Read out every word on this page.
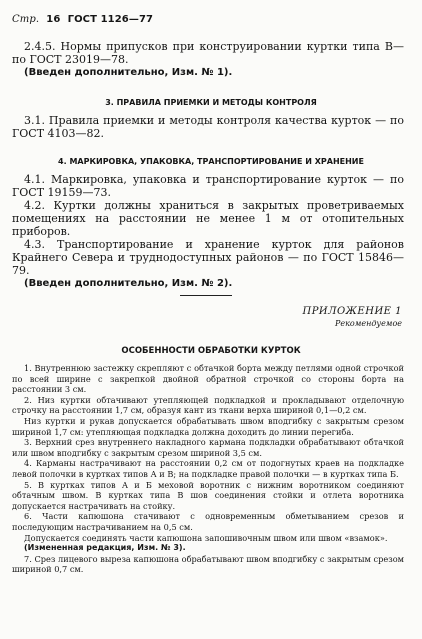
Стр. 16 ГОСТ 1126—77

2.4.5. Нормы припусков при конструировании куртки типа В— по ГОСТ 23019—78.

(Введен дополнительно, Изм. № 1).

3. ПРАВИЛА ПРИЕМКИ И МЕТОДЫ КОНТРОЛЯ

3.1. Правила приемки и методы контроля качества курток — по ГОСТ 4103—82.

4. МАРКИРОВКА, УПАКОВКА, ТРАНСПОРТИРОВАНИЕ И ХРАНЕНИЕ

4.1. Маркировка, упаковка и транспортирование курток — по ГОСТ 19159—73.

4.2. Куртки должны храниться в закрытых проветриваемых помещениях на расстоянии не менее 1 м от отопительных приборов.

4.3. Транспортирование и хранение курток для районов Крайнего Севера и труднодоступных районов — по ГОСТ 15846—79.

(Введен дополнительно, Изм. № 2).

ПРИЛОЖЕНИЕ 1
Рекомендуемое
ОСОБЕННОСТИ ОБРАБОТКИ КУРТОК

1. Внутреннюю застежку скрепляют с обтачкой борта между петлями одной строчкой по всей ширине с закрепкой двойной обратной строчкой со стороны борта на расстоянии 3 см.

2. Низ куртки обтачивают утепляющей подкладкой и прокладывают отделочную строчку на расстоянии 1,7 см, образуя кант из ткани верха шириной 0,1—0,2 см.

Низ куртки и рукав допускается обрабатывать швом вподгибку с закрытым срезом шириной 1,7 см: утепляющая подкладка должна доходить до линии перегиба.

3. Верхний срез внутреннего накладного кармана подкладки обрабатывают обтачкой или швом вподгибку с закрытым срезом шириной 3,5 см.

4. Карманы настрачивают на расстоянии 0,2 см от подогнутых краев на подкладке левой полочки в куртках типов А и В; на подкладке правой полочки — в куртках типа Б.

5. В куртках типов А и Б меховой воротник с нижним воротником соединяют обтачным швом. В куртках типа В шов соединения стойки и отлета воротника допускается настрачивать на стойку.

6. Части капюшона стачивают с одновременным обметыванием срезов и последующим настрачиванием на 0,5 см.

Допускается соединять части капюшона запошивочным швом или швом «взамок».

(Измененная редакция, Изм. № 3).

7. Срез лицевого выреза капюшона обрабатывают швом вподгибку с закрытым срезом шириной 0,7 см.
